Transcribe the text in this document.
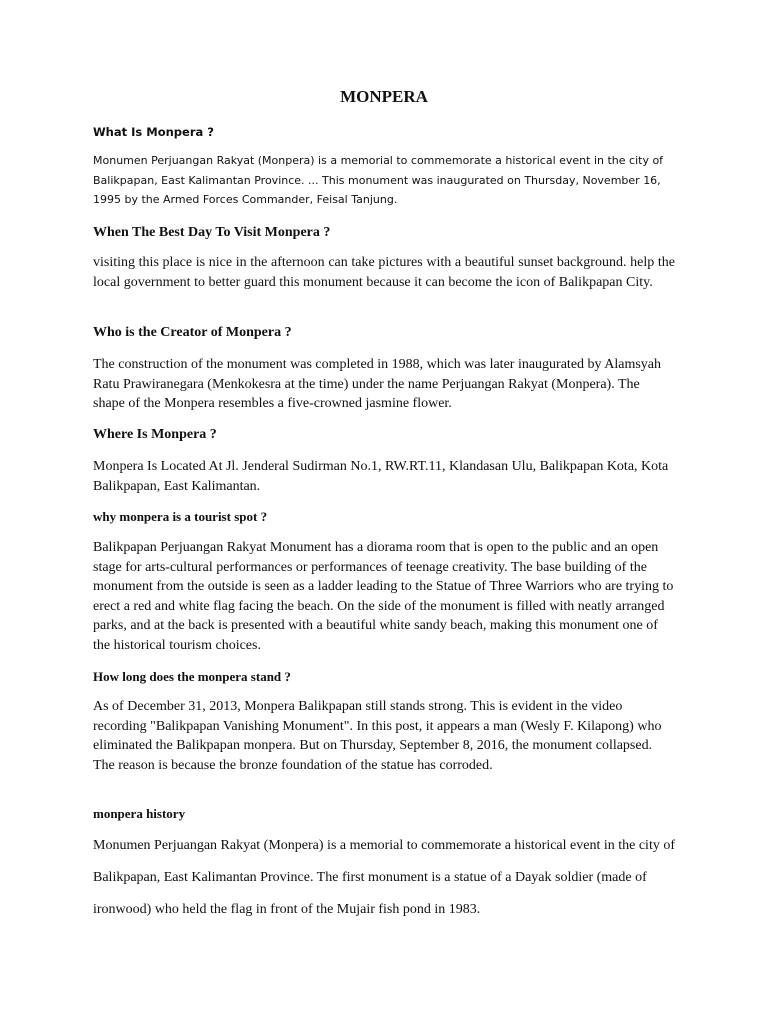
MONPERA
What Is Monpera ?

Monumen Perjuangan Rakyat (Monpera) is a memorial to commemorate a historical event in the city of Balikpapan, East Kalimantan Province. ... This monument was inaugurated on Thursday, November 16, 1995 by the Armed Forces Commander, Feisal Tanjung.

When The Best Day To Visit Monpera ?

visiting this place is nice in the afternoon can take pictures with a beautiful sunset background. help the local government to better guard this monument because it can become the icon of Balikpapan City.

Who is the Creator of Monpera ?

The construction of the monument was completed in 1988, which was later inaugurated by Alamsyah Ratu Prawiranegara (Menkokesra at the time) under the name Perjuangan Rakyat (Monpera). The shape of the Monpera resembles a five-crowned jasmine flower.

Where Is Monpera ?

Monpera Is Located At Jl. Jenderal Sudirman No.1, RW.RT.11, Klandasan Ulu, Balikpapan Kota, Kota Balikpapan, East Kalimantan.

why monpera is a tourist spot ?

Balikpapan Perjuangan Rakyat Monument has a diorama room that is open to the public and an open stage for arts-cultural performances or performances of teenage creativity. The base building of the monument from the outside is seen as a ladder leading to the Statue of Three Warriors who are trying to erect a red and white flag facing the beach. On the side of the monument is filled with neatly arranged parks, and at the back is presented with a beautiful white sandy beach, making this monument one of the historical tourism choices.

How long does the monpera stand ?

As of December 31, 2013, Monpera Balikpapan still stands strong. This is evident in the video recording "Balikpapan Vanishing Monument". In this post, it appears a man (Wesly F. Kilapong) who eliminated the Balikpapan monpera. But on Thursday, September 8, 2016, the monument collapsed. The reason is because the bronze foundation of the statue has corroded.

monpera history

Monumen Perjuangan Rakyat (Monpera) is a memorial to commemorate a historical event in the city of Balikpapan, East Kalimantan Province. The first monument is a statue of a Dayak soldier (made of ironwood) who held the flag in front of the Mujair fish pond in 1983.
